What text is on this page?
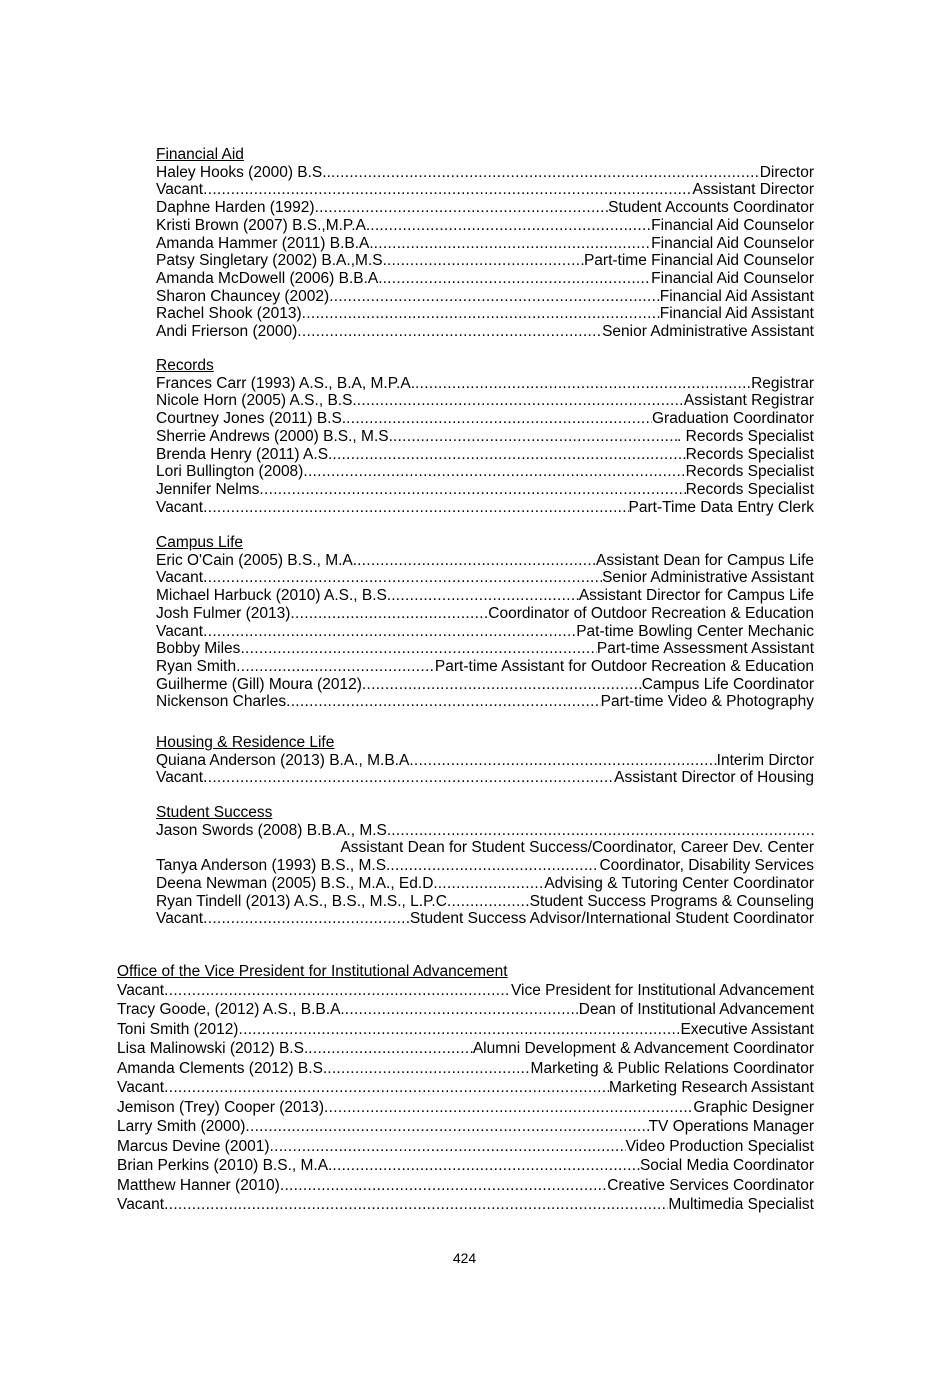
Financial Aid
Haley Hooks (2000) B.S.. .....	Director
Vacant .....	Assistant Director
Daphne Harden (1992) .....	Student Accounts Coordinator
Kristi Brown (2007) B.S.,M.P.A. .....	Financial Aid Counselor
Amanda Hammer (2011) B.B.A. .....	Financial Aid Counselor
Patsy Singletary (2002) B.A.,M.S. .....	Part-time Financial Aid Counselor
Amanda McDowell (2006) B.B.A. .....	Financial Aid Counselor
Sharon Chauncey (2002) .....	Financial Aid Assistant
Rachel Shook (2013) .....	Financial Aid Assistant
Andi Frierson (2000) .....	Senior Administrative Assistant
Records
Frances Carr (1993) A.S., B.A, M.P.A. .....	Registrar
Nicole Horn (2005) A.S., B.S. .....	Assistant Registrar
Courtney Jones (2011) B.S. .....	Graduation Coordinator
Sherrie Andrews (2000) B.S., M.S. .....	. Records Specialist
Brenda Henry (2011) A.S. .....	Records Specialist
Lori Bullington (2008) .....	Records Specialist
Jennifer Nelms .....	Records Specialist
Vacant .....	Part-Time Data Entry Clerk
Campus Life
Eric O'Cain (2005) B.S., M.A. .....	Assistant Dean for Campus Life
Vacant .....	Senior Administrative Assistant
Michael Harbuck (2010) A.S., B.S. .....	Assistant Director for Campus Life
Josh Fulmer (2013) .....	Coordinator of Outdoor Recreation & Education
Vacant .....	Pat-time Bowling Center Mechanic
Bobby Miles .....	Part-time Assessment Assistant
Ryan Smith .....	Part-time Assistant for Outdoor Recreation & Education
Guilherme (Gill) Moura (2012) .....	Campus Life Coordinator
Nickenson Charles .....	Part-time Video & Photography
Housing & Residence Life
Quiana Anderson (2013) B.A., M.B.A .....	Interim Dirctor
Vacant .....	Assistant Director of Housing
Student Success
Jason Swords (2008) B.B.A., M.S.
.....
Assistant Dean for Student Success/Coordinator, Career Dev. Center
Tanya Anderson (1993) B.S., M.S. .....	Coordinator, Disability Services
Deena Newman (2005) B.S., M.A., Ed.D. .....	Advising & Tutoring Center Coordinator
Ryan Tindell (2013) A.S., B.S., M.S., L.P.C .....	Student Success Programs & Counseling
Vacant .....	Student Success Advisor/International Student Coordinator
Office of the Vice President for Institutional Advancement
Vacant .....	Vice President for Institutional Advancement
Tracy Goode, (2012) A.S., B.B.A. .....	Dean of Institutional Advancement
Toni Smith (2012) .....	Executive Assistant
Lisa Malinowski (2012) B.S. .....	Alumni Development & Advancement Coordinator
Amanda Clements (2012) B.S. .....	Marketing & Public Relations Coordinator
Vacant .....	Marketing Research Assistant
Jemison (Trey) Cooper (2013) .....	Graphic Designer
Larry Smith (2000) .....	TV Operations Manager
Marcus Devine (2001) .....	Video Production Specialist
Brian Perkins (2010) B.S., M.A. .....	Social Media Coordinator
Matthew Hanner (2010) .....	Creative Services Coordinator
Vacant .....	Multimedia Specialist
424
